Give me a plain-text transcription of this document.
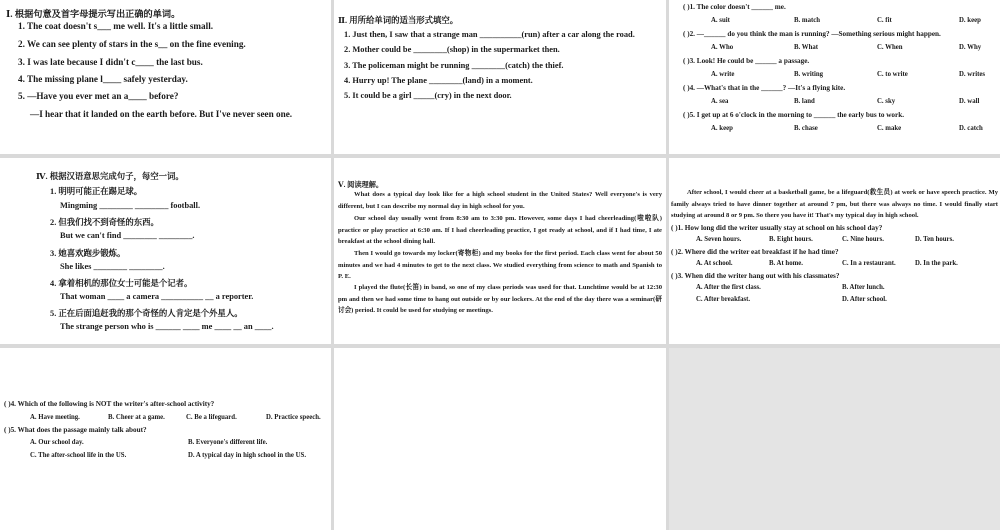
Ⅰ. 根据句意及首字母提示写出正确的单词。
1. The coat doesn't s___ me well. It's a little small.
2. We can see plenty of stars in the s__ on the fine evening.
3. I was late because I didn't c____ the last bus.
4. The missing plane l____ safely yesterday.
5. —Have you ever met an a____ before?
—I hear that it landed on the earth before. But I've never seen one.
Ⅱ. 用所给单词的适当形式填空。
1. Just then, I saw that a strange man __________(run) after a car along the road.
2. Mother could be ________(shop) in the supermarket then.
3. The policeman might be running ________(catch) the thief.
4. Hurry up! The plane ________(land) in a moment.
5. It could be a girl _____(cry) in the next door.
( )1. The color doesn't ______ me.
A. suit	B. match	C. fit	D. keep
( )2. —______ do you think the man is running? —Something serious might happen.
A. Who	B. What	C. When	D. Why
( )3. Look! He could be ______ a passage.
A. write	B. writing	C. to write	D. writes
( )4. —What's that in the ______? —It's a flying kite.
A. sea	B. land	C. sky	D. wall
( )5. I get up at 6 o'clock in the morning to ______ the early bus to work.
A. keep	B. chase	C. make	D. catch
Ⅳ. 根据汉语意思完成句子，每空一词。
1. 明明可能正在踢足球。
Mingming ________ ________ football.
2. 但我们找不到奇怪的东西。
But we can't find ________ ________.
3. 她喜欢跑步锻炼。
She likes ________ ________.
4. 拿着相机的那位女士可能是个记者。
That woman ____ a camera __________ __ a reporter.
5. 正在后面追赶我的那个奇怪的人肯定是个外星人。
The strange person who is ______ ____ me ____ __ an ____.
Ⅴ. 阅读理解。
What does a typical day look like for a high school student in the United States? Well everyone's is very different, but I can describe my normal day in high school for you.
Our school day usually went from 8:30 am to 3:30 pm. However, some days I had cheerleading(啦啦队) practice or play practice at 6:30 am. If I had cheerleading practice, I got ready at school, and if I had time, I ate breakfast at the school dining hall.
Then I would go towards my locker(寄物柜) and my books for the first period. Each class went for about 50 minutes and we had 4 minutes to get to the next class. We studied everything from science to math and Spanish to P. E.
I played the flute(长笛) in band, so one of my class periods was used for that. Lunchtime would be at 12:30 pm and then we had some time to hang out outside or by our lockers. At the end of the day there was a seminar(研讨会) period. It could be used for studying or meetings.
After school, I would cheer at a basketball game, be a lifeguard(救生员) at work or have speech practice. My family always tried to have dinner together at around 7 pm, but there was always no time. I would finally start studying at around 8 or 9 pm. So there you have it! That's my typical day in high school.
( )1. How long did the writer usually stay at school on his school day?
A. Seven hours.	B. Eight hours.	C. Nine hours.	D. Ten hours.
( )2. Where did the writer eat breakfast if he had time?
A. At school.	B. At home.	C. In a restaurant.	D. In the park.
( )3. When did the writer hang out with his classmates?
A. After the first class.	B. After lunch.
C. After breakfast.	D. After school.
( )4. Which of the following is NOT the writer's after-school activity?
A. Have meeting.	B. Cheer at a game.	C. Be a lifeguard.	D. Practice speech.
( )5. What does the passage mainly talk about?
A. Our school day.	B. Everyone's different life.
C. The after-school life in the US.	D. A typical day in high school in the US.
